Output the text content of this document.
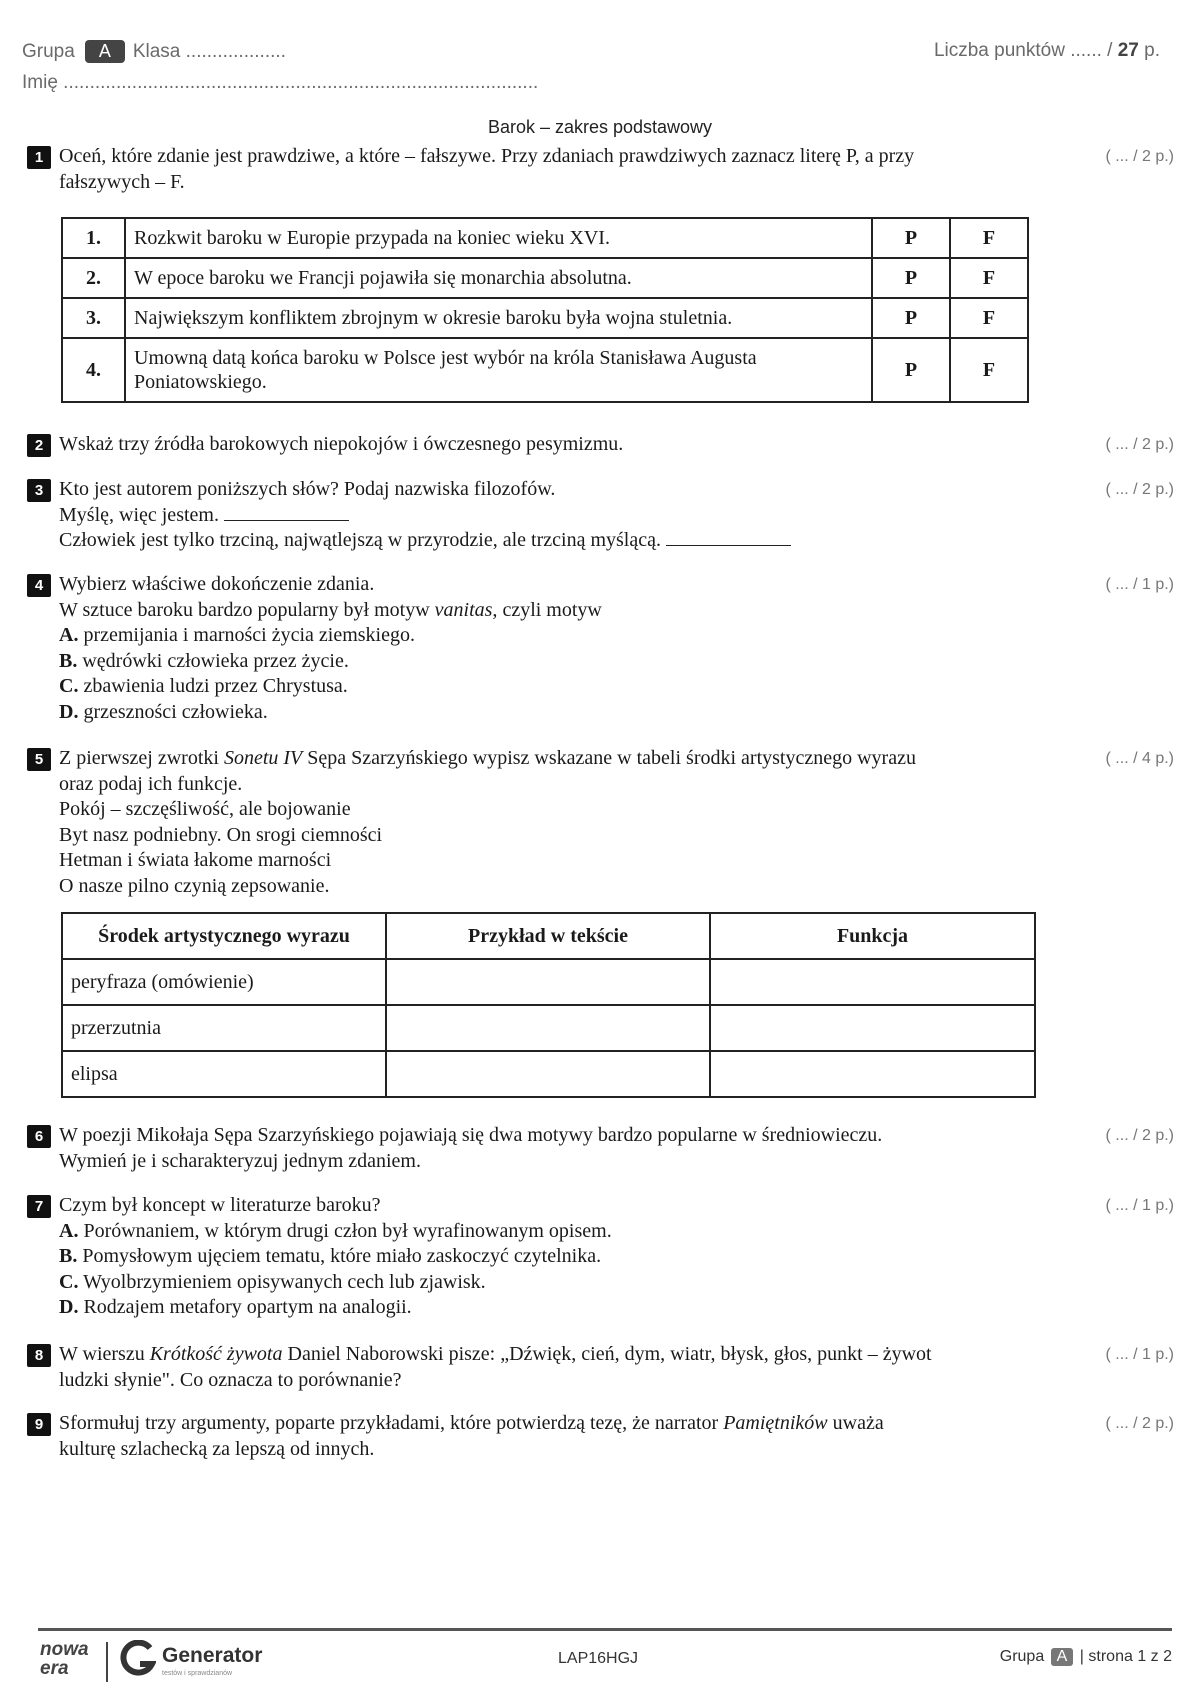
Grupa A Klasa ...................	Liczba punktów ...... / 27 p.
Imię ..........................................................................................
Barok – zakres podstawowy
1 Oceń, które zdanie jest prawdziwe, a które – fałszywe. Przy zdaniach prawdziwych zaznacz literę P, a przy
fałszywych – F.
( ... / 2 p.)
1.	Rozkwit baroku w Europie przypada na koniec wieku XVI.	P	F
2.	W epoce baroku we Francji pojawiła się monarchia absolutna.	P	F
3.	Największym konfliktem zbrojnym w okresie baroku była wojna stuletnia.	P	F
4.	Umowną datą końca baroku w Polsce jest wybór na króla Stanisława Augusta Poniatowskiego.	P	F
2 Wskaż trzy źródła barokowych niepokojów i ówczesnego pesymizmu.	( ... / 2 p.)
3 Kto jest autorem poniższych słów? Podaj nazwiska filozofów.
Myślę, więc jestem.
Człowiek jest tylko trzciną, najwątlejszą w przyrodzie, ale trzciną myślącą.
( ... / 2 p.)
4 Wybierz właściwe dokończenie zdania.
W sztuce baroku bardzo popularny był motyw vanitas, czyli motyw
A. przemijania i marności życia ziemskiego.
B. wędrówki człowieka przez życie.
C. zbawienia ludzi przez Chrystusa.
D. grzeszności człowieka.
( ... / 1 p.)
5 Z pierwszej zwrotki Sonetu IV Sępa Szarzyńskiego wypisz wskazane w tabeli środki artystycznego wyrazu
oraz podaj ich funkcje.
Pokój – szczęśliwość, ale bojowanie
Byt nasz podniebny. On srogi ciemności
Hetman i świata łakome marności
O nasze pilno czynią zepsowanie.
( ... / 4 p.)
Środek artystycznego wyrazu	Przykład w tekście	Funkcja
peryfraza (omówienie)		
przerzutnia		
elipsa		
6 W poezji Mikołaja Sępa Szarzyńskiego pojawiają się dwa motywy bardzo popularne w średniowieczu.
Wymień je i scharakteryzuj jednym zdaniem.
( ... / 2 p.)
7 Czym był koncept w literaturze baroku?
A. Porównaniem, w którym drugi człon był wyrafinowanym opisem.
B. Pomysłowym ujęciem tematu, które miało zaskoczyć czytelnika.
C. Wyolbrzymieniem opisywanych cech lub zjawisk.
D. Rodzajem metafory opartym na analogii.
( ... / 1 p.)
8 W wierszu Krótkość żywota Daniel Naborowski pisze: „Dźwięk, cień, dym, wiatr, błysk, głos, punkt – żywot
ludzki słynie". Co oznacza to porównanie?
( ... / 1 p.)
9 Sformułuj trzy argumenty, poparte przykładami, które potwierdzą tezę, że narrator Pamiętników uważa
kulturę szlachecką za lepszą od innych.
( ... / 2 p.)
nowa
era
Generator
testów i sprawdzianów
LAP16HGJ	Grupa A | strona 1 z 2
